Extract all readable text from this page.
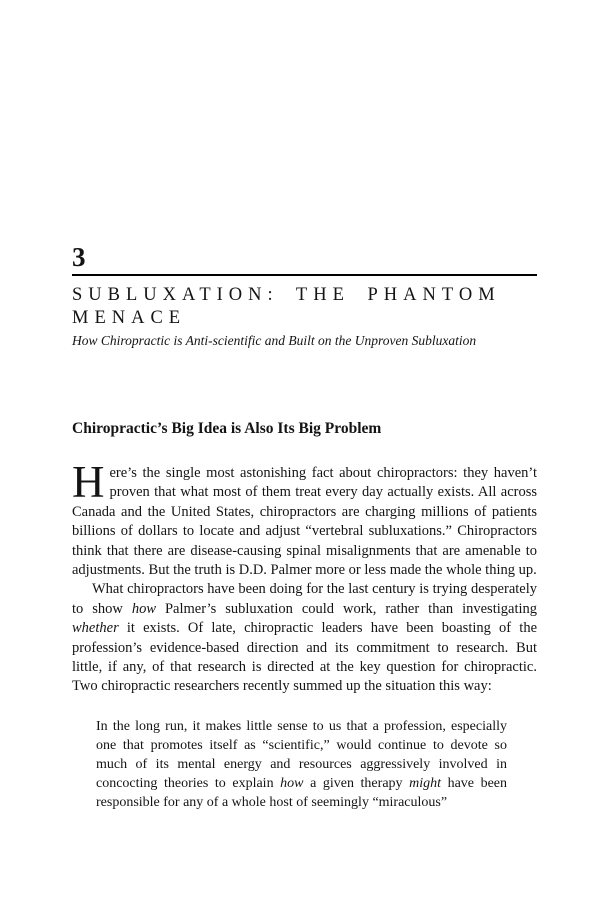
3
SUBLUXATION: THE PHANTOM
MENACE
How Chiropractic is Anti-scientific and Built on the Unproven Subluxation
Chiropractic’s Big Idea is Also Its Big Problem

Here’s the single most astonishing fact about chiropractors: they haven’t proven that what most of them treat every day actually exists. All across Canada and the United States, chiropractors are charging millions of patients billions of dollars to locate and adjust “vertebral subluxations.” Chiropractors think that there are disease-causing spinal misalignments that are amenable to adjustments. But the truth is D.D. Palmer more or less made the whole thing up.

What chiropractors have been doing for the last century is trying desperately to show how Palmer’s subluxation could work, rather than investigating whether it exists. Of late, chiropractic leaders have been boasting of the profession’s evidence-based direction and its commitment to research. But little, if any, of that research is directed at the key question for chiropractic. Two chiropractic researchers recently summed up the situation this way:

In the long run, it makes little sense to us that a profession, especially one that promotes itself as “scientific,” would continue to devote so much of its mental energy and resources aggressively involved in concocting theories to explain how a given therapy might have been responsible for any of a whole host of seemingly “miraculous”
